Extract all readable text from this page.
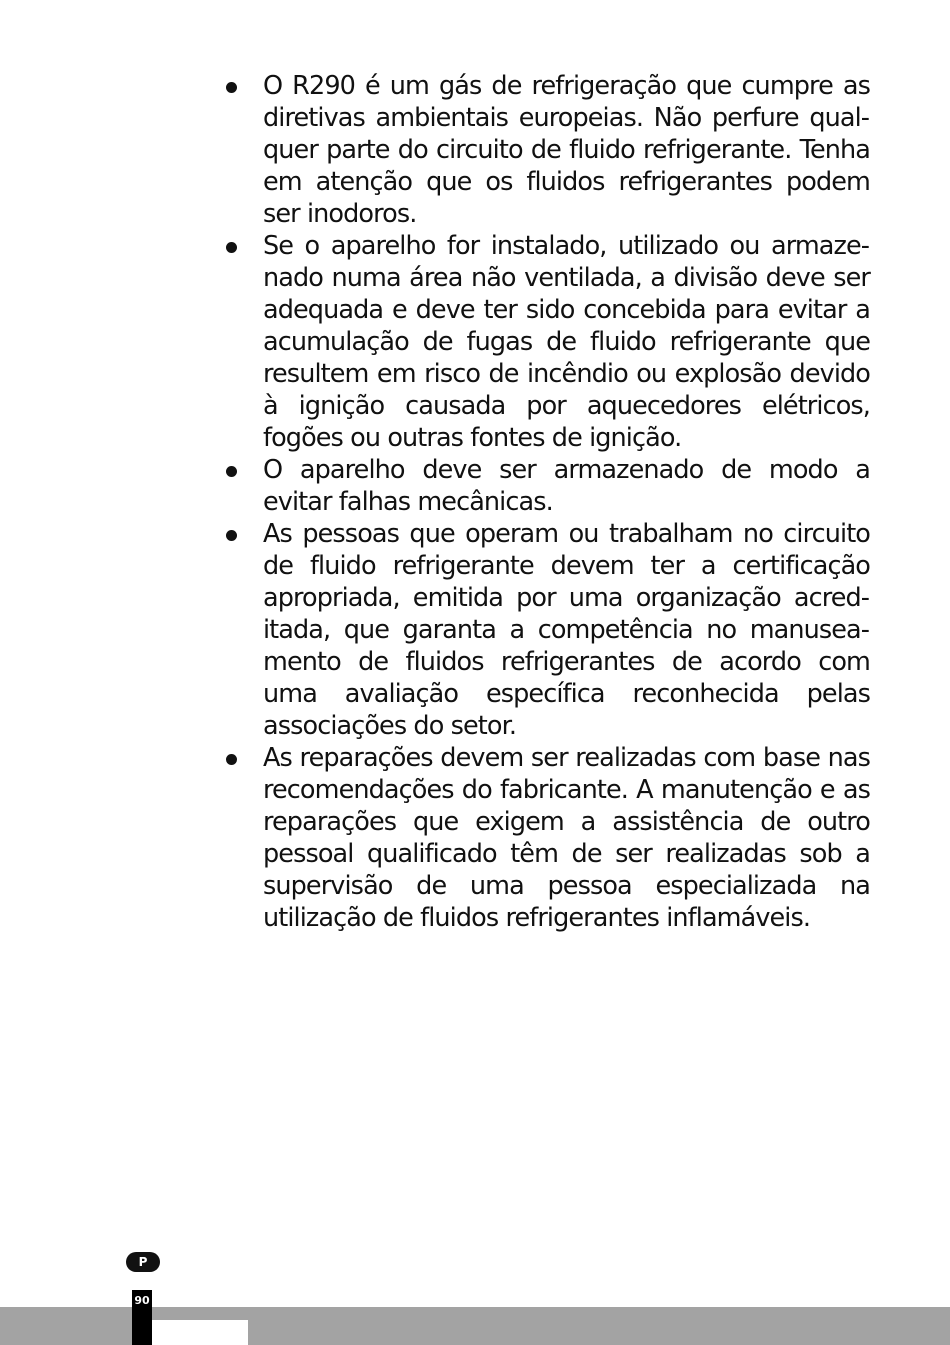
O R290 é um gás de refrigeração que cumpre as diretivas ambientais europeias. Não perfure qualquer parte do circuito de fluido refrigerante. Tenha em atenção que os fluidos refrigerantes podem ser inodoros.
Se o aparelho for instalado, utilizado ou armazenado numa área não ventilada, a divisão deve ser adequada e deve ter sido concebida para evitar a acumulação de fugas de fluido refrigerante que resultem em risco de incêndio ou explosão devido à ignição causada por aquecedores elétricos, fogões ou outras fontes de ignição.
O aparelho deve ser armazenado de modo a evitar falhas mecânicas.
As pessoas que operam ou trabalham no circuito de fluido refrigerante devem ter a certificação apropriada, emitida por uma organização acreditada, que garanta a competência no manuseamento de fluidos refrigerantes de acordo com uma avaliação específica reconhecida pelas associações do setor.
As reparações devem ser realizadas com base nas recomendações do fabricante. A manutenção e as reparações que exigem a assistência de outro pessoal qualificado têm de ser realizadas sob a supervisão de uma pessoa especializada na utilização de fluidos refrigerantes inflamáveis.
P
90
